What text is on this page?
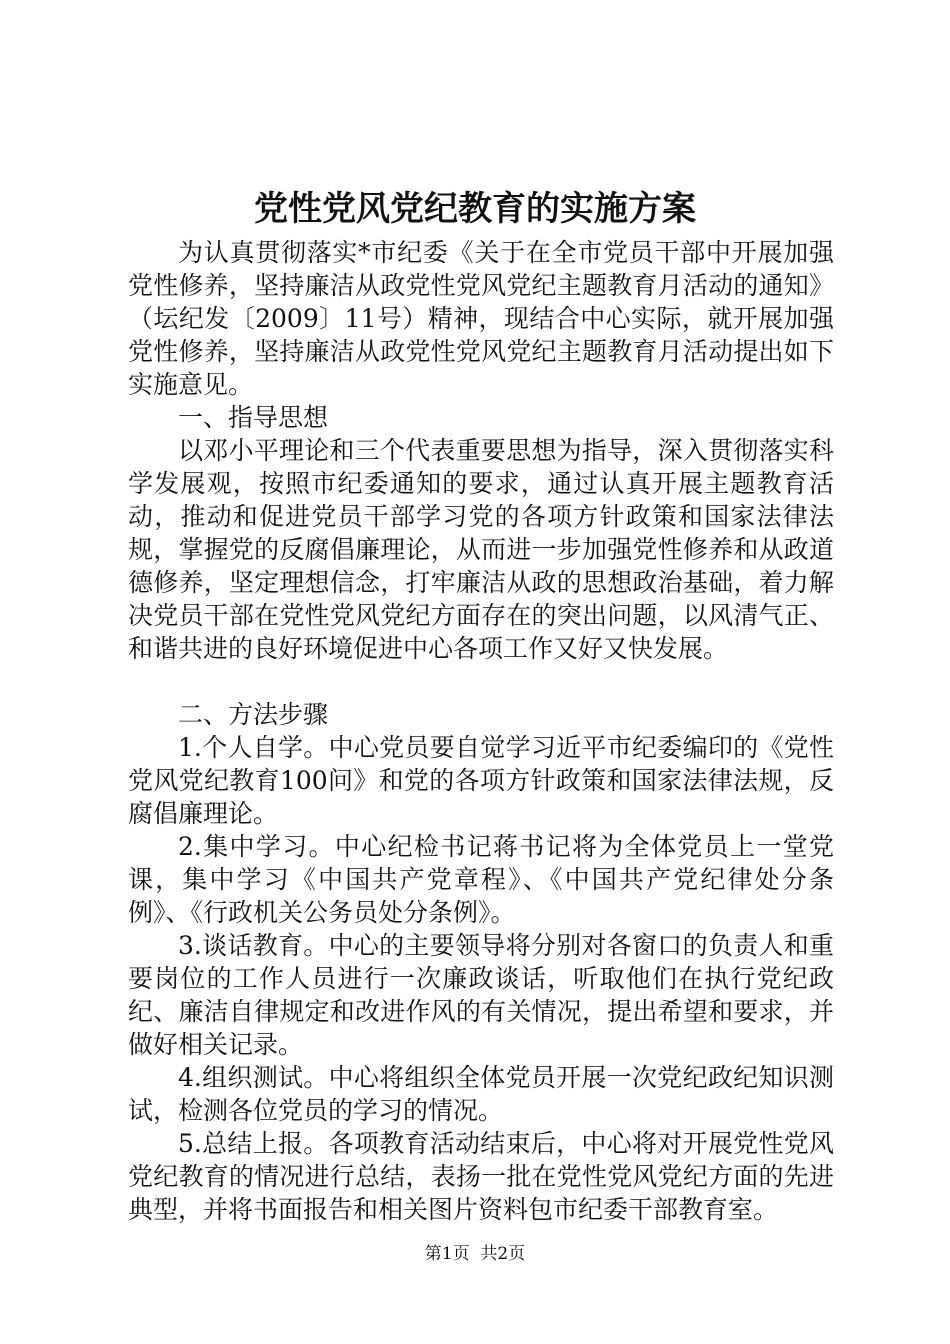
党性党风党纪教育的实施方案

为认真贯彻落实*市纪委《关于在全市党员干部中开展加强党性修养，坚持廉洁从政党性党风党纪主题教育月活动的通知》（坛纪发〔2009〕11号）精神，现结合中心实际，就开展加强党性修养，坚持廉洁从政党性党风党纪主题教育月活动提出如下实施意见。

一、指导思想

以邓小平理论和三个代表重要思想为指导，深入贯彻落实科学发展观，按照市纪委通知的要求，通过认真开展主题教育活动，推动和促进党员干部学习党的各项方针政策和国家法律法规，掌握党的反腐倡廉理论，从而进一步加强党性修养和从政道德修养，坚定理想信念，打牢廉洁从政的思想政治基础，着力解决党员干部在党性党风党纪方面存在的突出问题，以风清气正、和谐共进的良好环境促进中心各项工作又好又快发展。

二、方法步骤

1.个人自学。中心党员要自觉学习近平市纪委编印的《党性党风党纪教育100问》和党的各项方针政策和国家法律法规，反腐倡廉理论。

2.集中学习。中心纪检书记蒋书记将为全体党员上一堂党课，集中学习《中国共产党章程》、《中国共产党纪律处分条例》、《行政机关公务员处分条例》。

3.谈话教育。中心的主要领导将分别对各窗口的负责人和重要岗位的工作人员进行一次廉政谈话，听取他们在执行党纪政纪、廉洁自律规定和改进作风的有关情况，提出希望和要求，并做好相关记录。

4.组织测试。中心将组织全体党员开展一次党纪政纪知识测试，检测各位党员的学习的情况。

5.总结上报。各项教育活动结束后，中心将对开展党性党风党纪教育的情况进行总结，表扬一批在党性党风党纪方面的先进典型，并将书面报告和相关图片资料包市纪委干部教育室。

第1页 共2页
